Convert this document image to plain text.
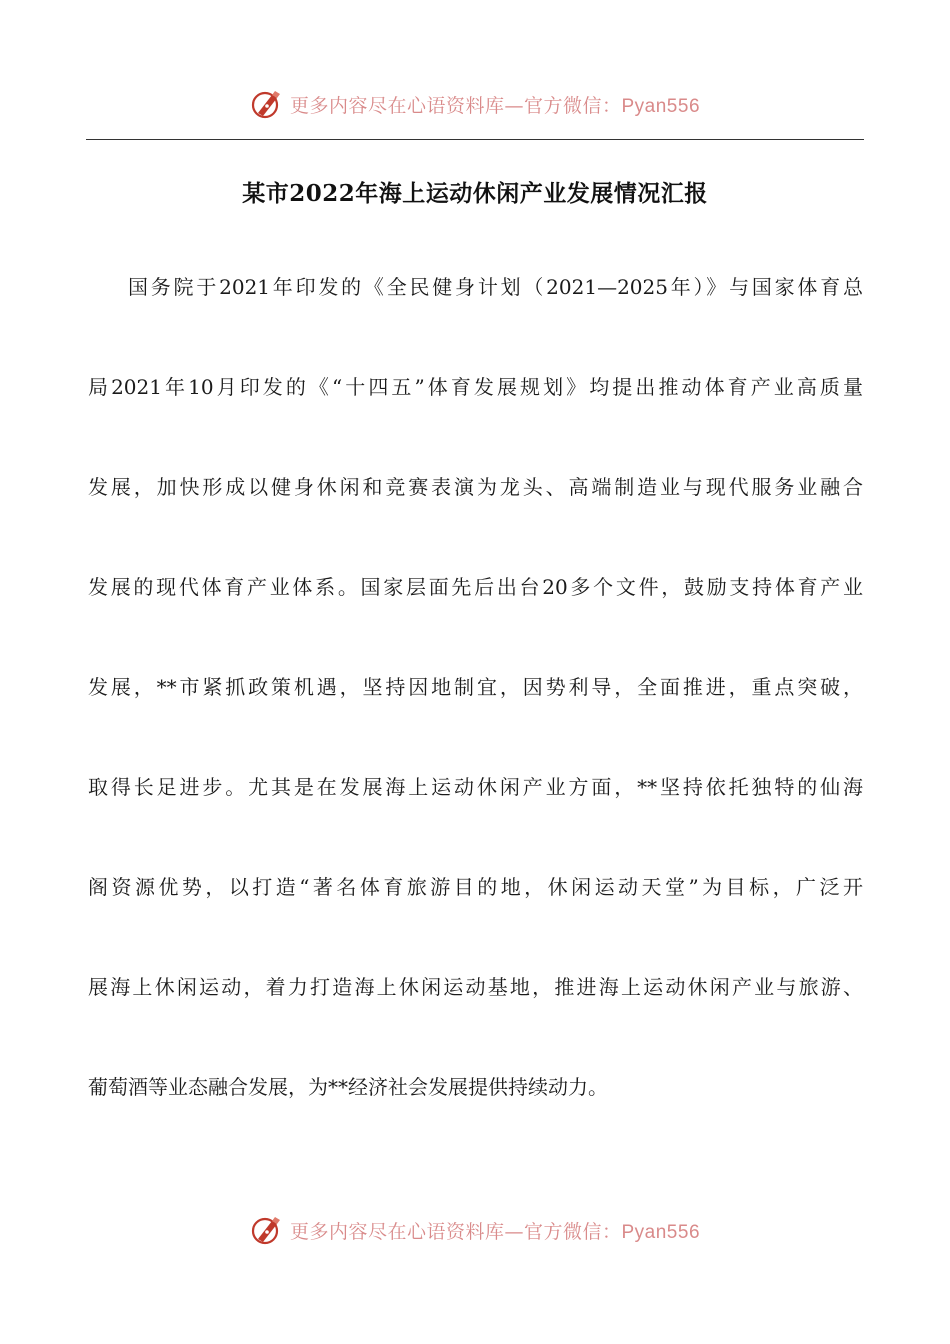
更多内容尽在心语资料库—官方微信：Pyan556
某市2022年海上运动休闲产业发展情况汇报
国务院于2021年印发的《全民健身计划（2021—2025年）》与国家体育总
局2021年10月印发的《“十四五”体育发展规划》均提出推动体育产业高质量
发展，加快形成以健身休闲和竞赛表演为龙头、高端制造业与现代服务业融合
发展的现代体育产业体系。国家层面先后出台20多个文件，鼓励支持体育产业
发展，**市紧抓政策机遇，坚持因地制宜，因势利导，全面推进，重点突破，
取得长足进步。尤其是在发展海上运动休闲产业方面，**坚持依托独特的仙海
阁资源优势，以打造“著名体育旅游目的地，休闲运动天堂”为目标，广泛开
展海上休闲运动，着力打造海上休闲运动基地，推进海上运动休闲产业与旅游、
葡萄酒等业态融合发展，为**经济社会发展提供持续动力。
更多内容尽在心语资料库—官方微信：Pyan556
